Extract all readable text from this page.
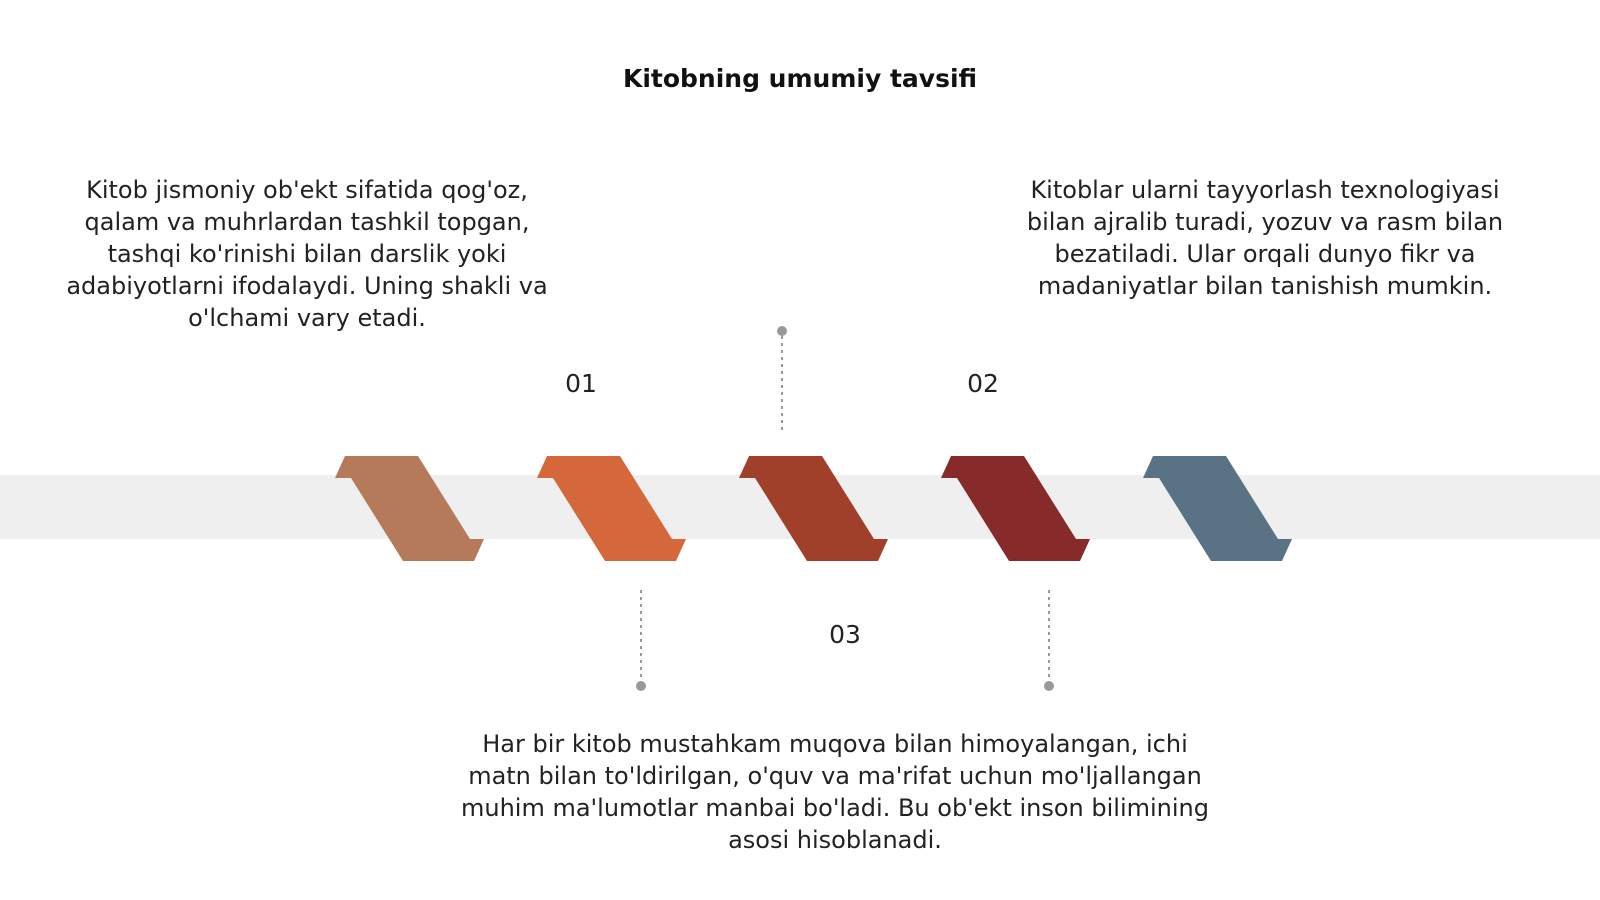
Kitobning umumiy tavsifi
Kitob jismoniy ob'ekt sifatida qog'oz, qalam va muhrlardan tashkil topgan, tashqi ko'rinishi bilan darslik yoki adabiyotlarni ifodalaydi. Uning shakli va o'lchami vary etadi.
Kitoblar ularni tayyorlash texnologiyasi bilan ajralib turadi, yozuv va rasm bilan bezatiladi. Ular orqali dunyo fikr va madaniyatlar bilan tanishish mumkin.
Har bir kitob mustahkam muqova bilan himoyalangan, ichi matn bilan to'ldirilgan, o'quv va ma'rifat uchun mo'ljallangan muhim ma'lumotlar manbai bo'ladi. Bu ob'ekt inson bilimining asosi hisoblanadi.
01	02
03
